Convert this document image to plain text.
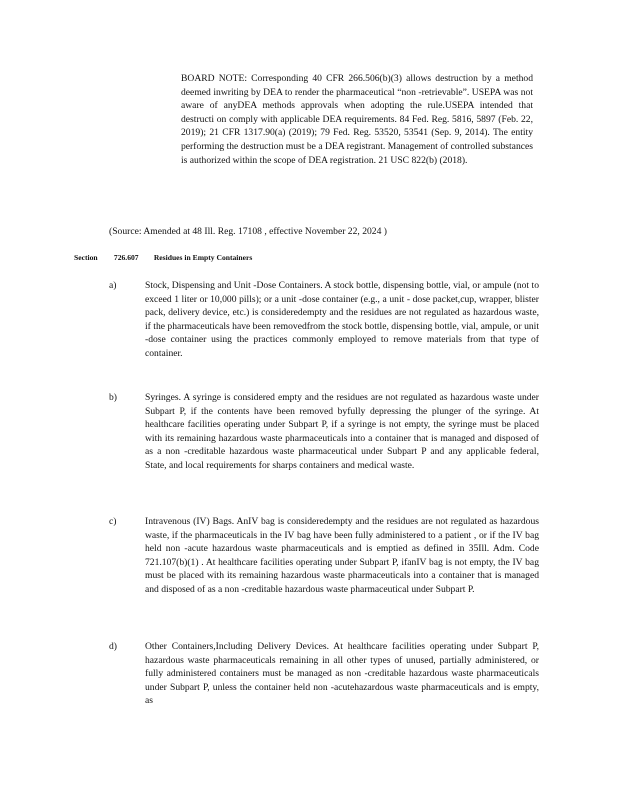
BOARD NOTE: Corresponding 40 CFR 266.506(b)(3) allows destruction by a method deemed inwriting by DEA to render the pharmaceutical “non -retrievable”. USEPA was not aware of anyDEA methods approvals when adopting the rule.USEPA intended that destructi on comply with applicable DEA requirements. 84 Fed. Reg. 5816, 5897 (Feb. 22, 2019); 21 CFR 1317.90(a) (2019); 79 Fed. Reg. 53520, 53541 (Sep. 9, 2014). The entity performing the destruction must be a DEA registrant. Management of controlled substances is authorized within the scope of DEA registration. 21 USC 822(b) (2018).
(Source: Amended at 48 Ill. Reg. 17108 , effective November 22, 2024 )
Section 726.607 Residues in Empty Containers
a)	Stock, Dispensing and Unit -Dose Containers. A stock bottle, dispensing bottle, vial, or ampule (not to exceed 1 liter or 10,000 pills); or a unit -dose container (e.g., a unit - dose packet,cup, wrapper, blister pack, delivery device, etc.) is consideredempty and the residues are not regulated as hazardous waste, if the pharmaceuticals have been removedfrom the stock bottle, dispensing bottle, vial, ampule, or unit -dose container using the practices commonly employed to remove materials from that type of container.
b)	Syringes. A syringe is considered empty and the residues are not regulated as hazardous waste under Subpart P, if the contents have been removed byfully depressing the plunger of the syringe. At healthcare facilities operating under Subpart P, if a syringe is not empty, the syringe must be placed with its remaining hazardous waste pharmaceuticals into a container that is managed and disposed of as a non -creditable hazardous waste pharmaceutical under Subpart P and any applicable federal, State, and local requirements for sharps containers and medical waste.
c)	Intravenous (IV) Bags. AnIV bag is consideredempty and the residues are not regulated as hazardous waste, if the pharmaceuticals in the IV bag have been fully administered to a patient , or if the IV bag held non -acute hazardous waste pharmaceuticals and is emptied as defined in 35Ill. Adm. Code 721.107(b)(1) . At healthcare facilities operating under Subpart P, ifanIV bag is not empty, the IV bag must be placed with its remaining hazardous waste pharmaceuticals into a container that is managed and disposed of as a non -creditable hazardous waste pharmaceutical under Subpart P.
d)	Other Containers,Including Delivery Devices. At healthcare facilities operating under Subpart P, hazardous waste pharmaceuticals remaining in all other types of unused, partially administered, or fully administered containers must be managed as non -creditable hazardous waste pharmaceuticals under Subpart P, unless the container held non -acutehazardous waste pharmaceuticals and is empty, as
